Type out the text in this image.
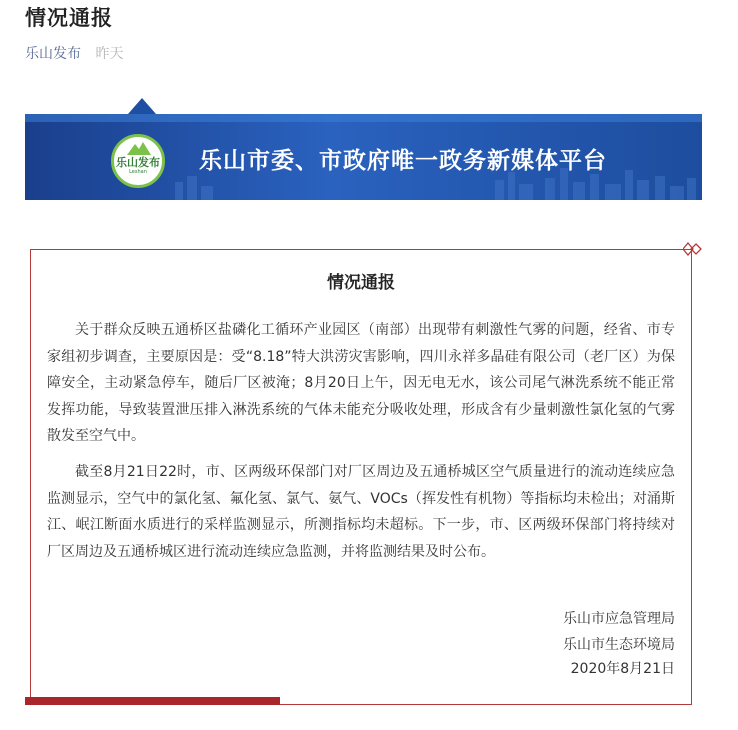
情况通报
乐山发布 昨天
乐山发布
Leshan	乐山市委、市政府唯一政务新媒体平台
情况通报

关于群众反映五通桥区盐磷化工循环产业园区（南部）出现带有刺激性气雾的问题，经省、市专家组初步调查，主要原因是：受“8.18”特大洪涝灾害影响，四川永祥多晶硅有限公司（老厂区）为保障安全，主动紧急停车，随后厂区被淹；8月20日上午，因无电无水，该公司尾气淋洗系统不能正常发挥功能，导致装置泄压排入淋洗系统的气体未能充分吸收处理，形成含有少量刺激性氯化氢的气雾散发至空气中。

截至8月21日22时，市、区两级环保部门对厂区周边及五通桥城区空气质量进行的流动连续应急监测显示，空气中的氯化氢、氟化氢、氯气、氨气、VOCs（挥发性有机物）等指标均未检出；对涌斯江、岷江断面水质进行的采样监测显示，所测指标均未超标。下一步，市、区两级环保部门将持续对厂区周边及五通桥城区进行流动连续应急监测，并将监测结果及时公布。

乐山市应急管理局
乐山市生态环境局
2020年8月21日
